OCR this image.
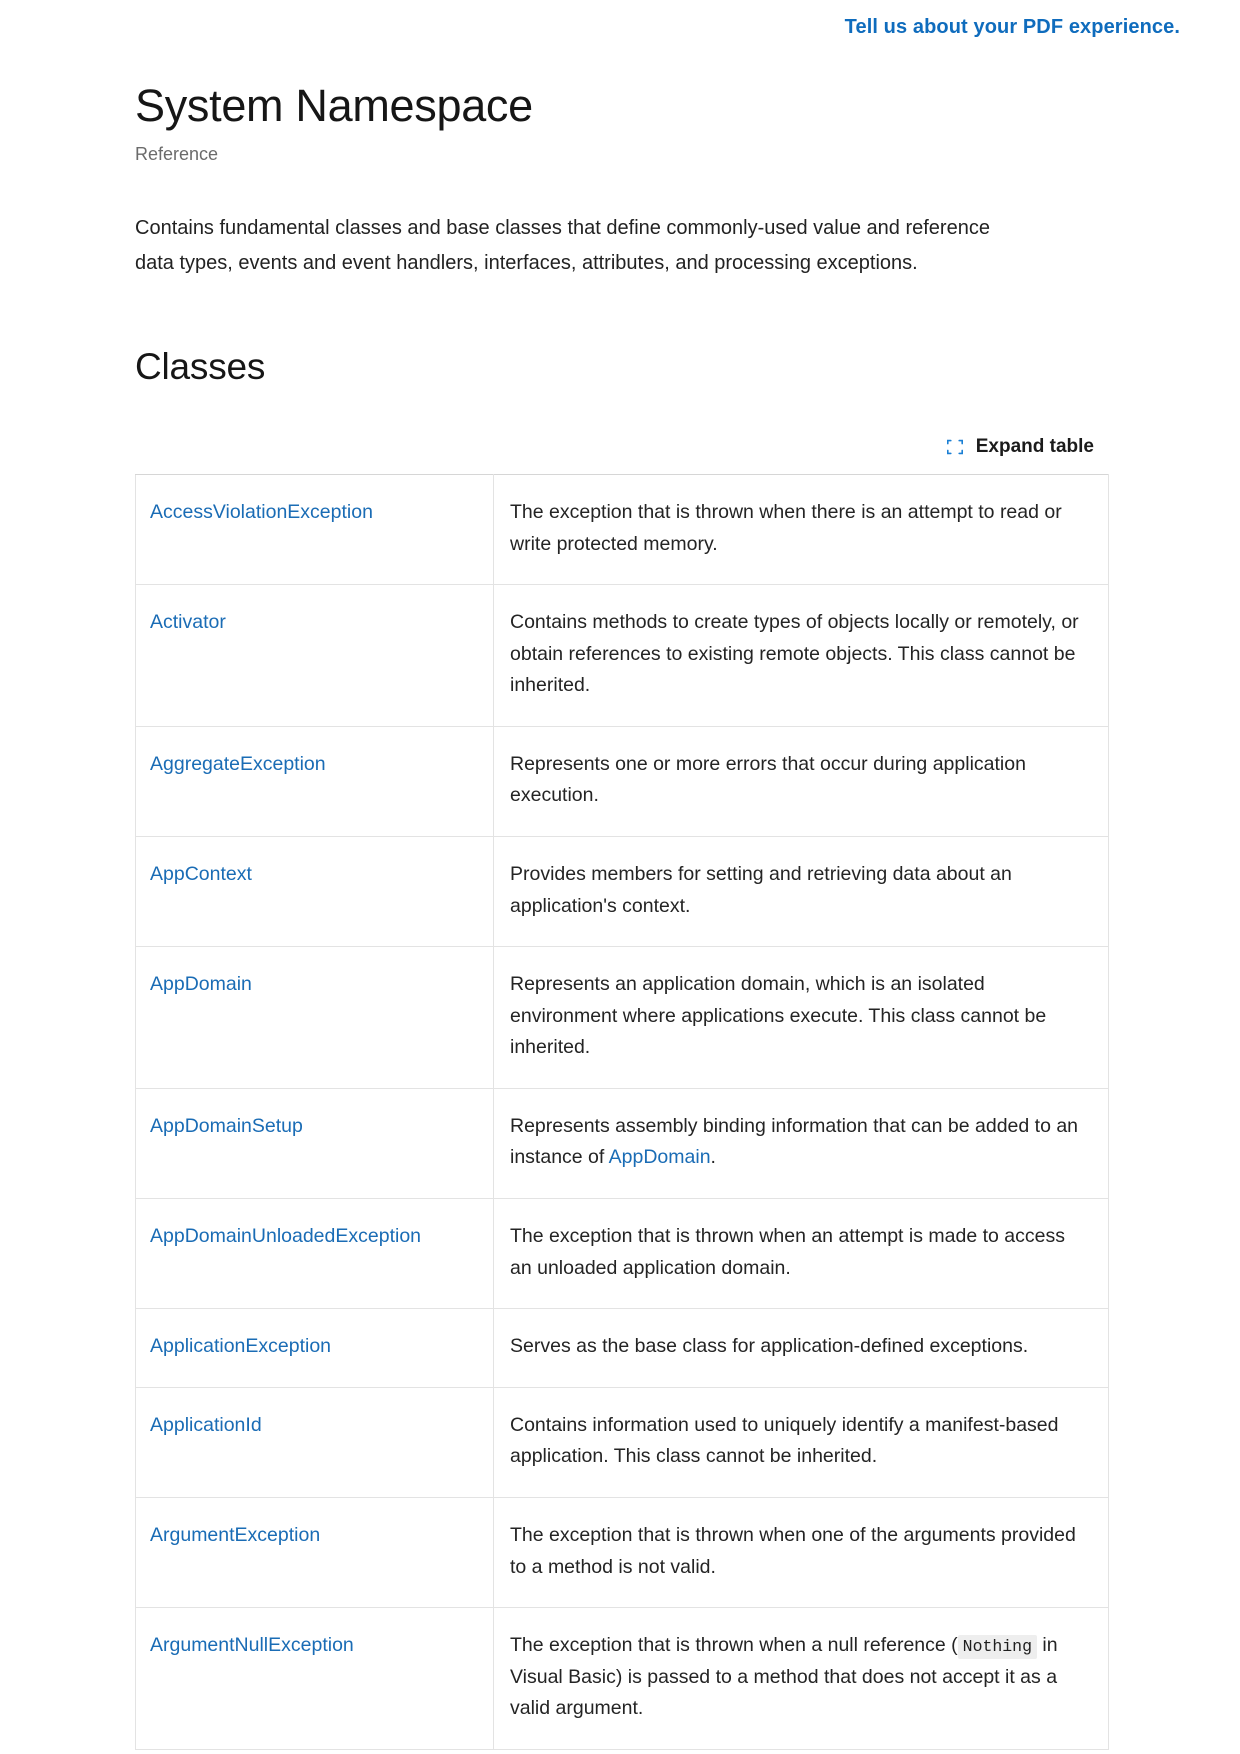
Tell us about your PDF experience.
System Namespace
Reference

Contains fundamental classes and base classes that define commonly-used value and reference data types, events and event handlers, interfaces, attributes, and processing exceptions.

Classes
Expand table
AccessViolationException	The exception that is thrown when there is an attempt to read or write protected memory.
Activator	Contains methods to create types of objects locally or remotely, or obtain references to existing remote objects. This class cannot be inherited.
AggregateException	Represents one or more errors that occur during application execution.
AppContext	Provides members for setting and retrieving data about an application's context.
AppDomain	Represents an application domain, which is an isolated environment where applications execute. This class cannot be inherited.
AppDomainSetup	Represents assembly binding information that can be added to an instance of AppDomain.
AppDomainUnloadedException	The exception that is thrown when an attempt is made to access an unloaded application domain.
ApplicationException	Serves as the base class for application-defined exceptions.
ApplicationId	Contains information used to uniquely identify a manifest-based application. This class cannot be inherited.
ArgumentException	The exception that is thrown when one of the arguments provided to a method is not valid.
ArgumentNullException	The exception that is thrown when a null reference ( Nothing in Visual Basic) is passed to a method that does not accept it as a valid argument.
